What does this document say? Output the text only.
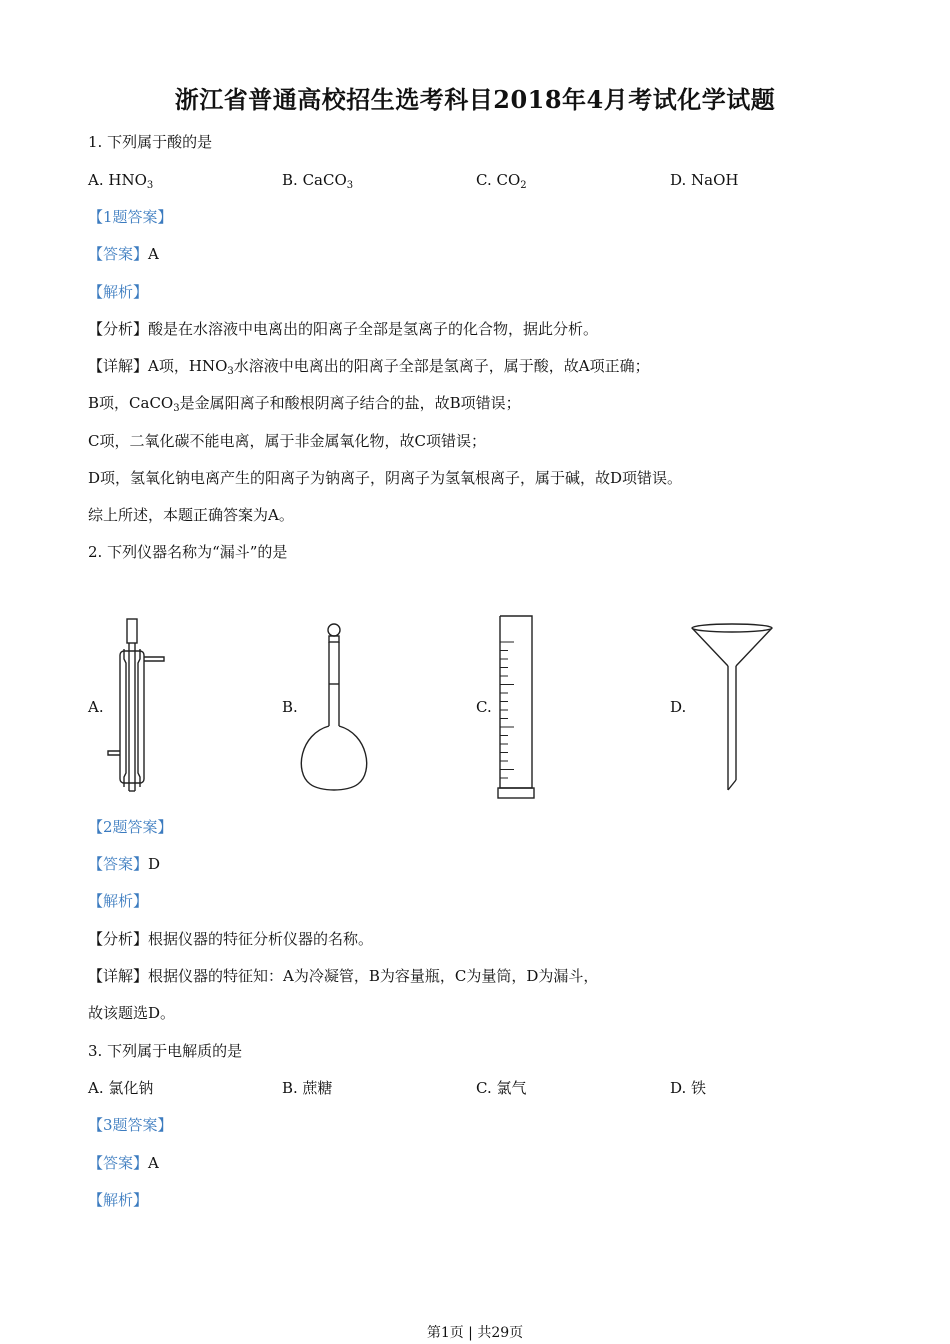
浙江省普通高校招生选考科目2018年4月考试化学试题
1. 下列属于酸的是
A. $HNO_3$	B. CaCO$_3$	C. $CO_2$	D. NaOH
【1题答案】
【答案】A
【解析】
【分析】酸是在水溶液中电离出的阳离子全部是氢离子的化合物，据此分析。
【详解】A项，$HNO_3$水溶液中电离出的阳离子全部是氢离子，属于酸，故A项正确；
B项，CaCO$_3$是金属阳离子和酸根阴离子结合的盐，故B项错误；
C项，二氧化碳不能电离，属于非金属氧化物，故C项错误；
D项，氢氧化钠电离产生的阳离子为钠离子，阴离子为氢氧根离子，属于碱，故D项错误。
综上所述，本题正确答案为A。
2. 下列仪器名称为“漏斗”的是
A.	B.	C.	D.
【2题答案】
【答案】D
【解析】
【分析】根据仪器的特征分析仪器的名称。
【详解】根据仪器的特征知：A为冷凝管，B为容量瓶，C为量筒，D为漏斗，
故该题选D。
3. 下列属于电解质的是
A. 氯化钠	B. 蔗糖	C. 氯气	D. 铁
【3题答案】
【答案】A
【解析】
第1页 | 共29页
